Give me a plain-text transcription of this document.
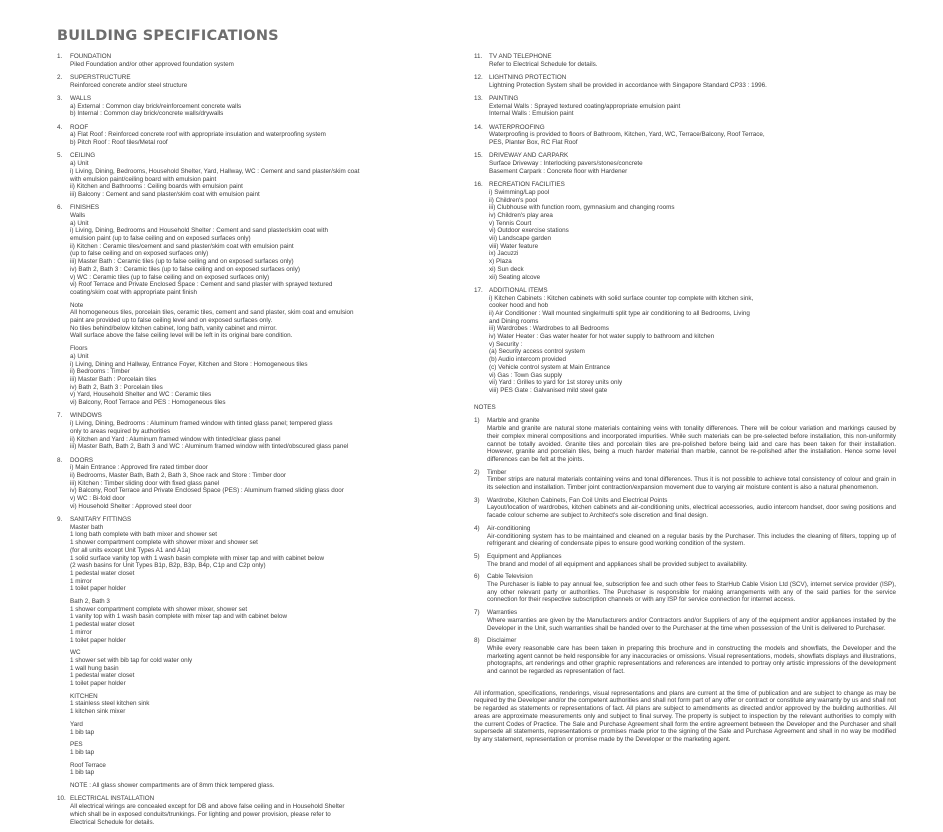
BUILDING SPECIFICATIONS
1. FOUNDATION
Piled Foundation and/or other approved foundation system
2. SUPERSTRUCTURE
Reinforced concrete and/or steel structure
3. WALLS
a) External : Common clay brick/reinforcement concrete walls
b) Internal : Common clay brick/concrete walls/drywalls
4. ROOF
a) Flat Roof : Reinforced concrete roof with appropriate insulation and waterproofing system
b) Pitch Roof : Roof tiles/Metal roof
5. CEILING
a) Unit
i) Living, Dining, Bedrooms, Household Shelter, Yard, Hallway, WC : Cement and sand plaster/skim coat
with emulsion paint/ceiling board with emulsion paint
ii) Kitchen and Bathrooms : Ceiling boards with emulsion paint
iii) Balcony : Cement and sand plaster/skim coat with emulsion paint
6. FINISHES
Walls
a) Unit
i) Living, Dining, Bedrooms and Household Shelter : Cement and sand plaster/skim coat with
emulsion paint (up to false ceiling and on exposed surfaces only)
ii) Kitchen : Ceramic tiles/cement and sand plaster/skim coat with emulsion paint
(up to false ceiling and on exposed surfaces only)
iii) Master Bath : Ceramic tiles (up to false ceiling and on exposed surfaces only)
iv) Bath 2, Bath 3 : Ceramic tiles (up to false ceiling and on exposed surfaces only)
v) WC : Ceramic tiles (up to false ceiling and on exposed surfaces only)
vi) Roof Terrace and Private Enclosed Space : Cement and sand plaster with sprayed textured
coating/skim coat with appropriate paint finish
Note
All homogeneous tiles, porcelain tiles, ceramic tiles, cement and sand plaster, skim coat and emulsion
paint are provided up to false ceiling level and on exposed surfaces only.
No tiles behind/below kitchen cabinet, long bath, vanity cabinet and mirror.
Wall surface above the false ceiling level will be left in its original bare condition.
Floors
a) Unit
i) Living, Dining and Hallway, Entrance Foyer, Kitchen and Store : Homogeneous tiles
ii) Bedrooms : Timber
iii) Master Bath : Porcelain tiles
iv) Bath 2, Bath 3 : Porcelain tiles
v) Yard, Household Shelter and WC : Ceramic tiles
vi) Balcony, Roof Terrace and PES : Homogeneous tiles
7. WINDOWS
i) Living, Dining, Bedrooms : Aluminum framed window with tinted glass panel; tempered glass
only to areas required by authorities
ii) Kitchen and Yard : Aluminum framed window with tinted/clear glass panel
iii) Master Bath, Bath 2, Bath 3 and WC : Aluminum framed window with tinted/obscured glass panel
8. DOORS
i) Main Entrance : Approved fire rated timber door
ii) Bedrooms, Master Bath, Bath 2, Bath 3, Shoe rack and Store : Timber door
iii) Kitchen : Timber sliding door with fixed glass panel
iv) Balcony, Roof Terrace and Private Enclosed Space (PES) : Aluminum framed sliding glass door
v) WC : Bi-fold door
vi) Household Shelter : Approved steel door
9. SANITARY FITTINGS
Master bath
1 long bath complete with bath mixer and shower set
1 shower compartment complete with shower mixer and shower set
(for all units except Unit Types A1 and A1a)
1 solid surface vanity top with 1 wash basin complete with mixer tap and with cabinet below
(2 wash basins for Unit Types B1p, B2p, B3p, B4p, C1p and C2p only)
1 pedestal water closet
1 mirror
1 toilet paper holder
Bath 2, Bath 3
1 shower compartment complete with shower mixer, shower set
1 vanity top with 1 wash basin complete with mixer tap and with cabinet below
1 pedestal water closet
1 mirror
1 toilet paper holder
WC
1 shower set with bib tap for cold water only
1 wall hung basin
1 pedestal water closet
1 toilet paper holder
KITCHEN
1 stainless steel kitchen sink
1 kitchen sink mixer
Yard
1 bib tap
PES
1 bib tap
Roof Terrace
1 bib tap
NOTE : All glass shower compartments are of 8mm thick tempered glass.
10. ELECTRICAL INSTALLATION
All electrical wirings are concealed except for DB and above false ceiling and in Household Shelter
which shall be in exposed conduits/trunkings. For lighting and power provision, please refer to
Electrical Schedule for details.
11. TV AND TELEPHONE
Refer to Electrical Schedule for details.
12. LIGHTNING PROTECTION
Lightning Protection System shall be provided in accordance with Singapore Standard CP33 : 1996.
13. PAINTING
External Walls : Sprayed textured coating/appropriate emulsion paint
Internal Walls : Emulsion paint
14. WATERPROOFING
Waterproofing is provided to floors of Bathroom, Kitchen, Yard, WC, Terrace/Balcony, Roof Terrace,
PES, Planter Box, RC Flat Roof
15. DRIVEWAY AND CARPARK
Surface Driveway : Interlocking pavers/stones/concrete
Basement Carpark : Concrete floor with Hardener
16. RECREATION FACILITIES
i) Swimming/Lap pool
ii) Children's pool
iii) Clubhouse with function room, gymnasium and changing rooms
iv) Children's play area
v) Tennis Court
vi) Outdoor exercise stations
vii) Landscape garden
viii) Water feature
ix) Jacuzzi
x) Plaza
xi) Sun deck
xii) Seating alcove
17. ADDITIONAL ITEMS
i) Kitchen Cabinets : Kitchen cabinets with solid surface counter top complete with kitchen sink,
cooker hood and hob
ii) Air Conditioner : Wall mounted single/multi split type air conditioning to all Bedrooms, Living
and Dining rooms
iii) Wardrobes : Wardrobes to all Bedrooms
iv) Water Heater : Gas water heater for hot water supply to bathroom and kitchen
v) Security :
(a) Security access control system
(b) Audio intercom provided
(c) Vehicle control system at Main Entrance
vi) Gas : Town Gas supply
vii) Yard : Grilles to yard for 1st storey units only
viii) PES Gate : Galvanised mild steel gate
NOTES
1) Marble and granite
Marble and granite are natural stone materials containing veins with tonality differences. There will be colour variation and markings caused by their complex mineral compositions and incorporated impurities. While such materials can be pre-selected before installation, this non-uniformity cannot be totally avoided. Granite tiles and porcelain tiles are pre-polished before being laid and care has been taken for their installation. However, granite and porcelain tiles, being a much harder material than marble, cannot be re-polished after the installation. Hence some level differences can be felt at the joints.
2) Timber
Timber strips are natural materials containing veins and tonal differences. Thus it is not possible to achieve total consistency of colour and grain in its selection and installation. Timber joint contraction/expansion movement due to varying air moisture content is also a natural phenomenon.
3) Wardrobe, Kitchen Cabinets, Fan Coil Units and Electrical Points
Layout/location of wardrobes, kitchen cabinets and air-conditioning units, electrical accessories, audio intercom handset, door swing positions and facade colour scheme are subject to Architect's sole discretion and final design.
4) Air-conditioning
Air-conditioning system has to be maintained and cleaned on a regular basis by the Purchaser. This includes the cleaning of filters, topping up of refrigerant and clearing of condensate pipes to ensure good working condition of the system.
5) Equipment and Appliances
The brand and model of all equipment and appliances shall be provided subject to availability.
6) Cable Television
The Purchaser is liable to pay annual fee, subscription fee and such other fees to StarHub Cable Vision Ltd (SCV), internet service provider (ISP), any other relevant party or authorities. The Purchaser is responsible for making arrangements with any of the said parties for the service connection for their respective subscription channels or with any ISP for service connection for internet access.
7) Warranties
Where warranties are given by the Manufacturers and/or Contractors and/or Suppliers of any of the equipment and/or appliances installed by the Developer in the Unit, such warranties shall be handed over to the Purchaser at the time when possession of the Unit is delivered to Purchaser.
8) Disclaimer
While every reasonable care has been taken in preparing this brochure and in constructing the models and showflats, the Developer and the marketing agent cannot be held responsible for any inaccuracies or omissions. Visual representations, models, showflats displays and illustrations, photographs, art renderings and other graphic representations and references are intended to portray only artistic impressions of the development and cannot be regarded as representation of fact.
All information, specifications, renderings, visual representations and plans are current at the time of publication and are subject to change as may be required by the Developer and/or the competent authorities and shall not form part of any offer or contract or constitute any warranty by us and shall not be regarded as statements or representations of fact. All plans are subject to amendments as directed and/or approved by the building authorities. All areas are approximate measurements only and subject to final survey. The property is subject to inspection by the relevant authorities to comply with the current Codes of Practice. The Sale and Purchase Agreement shall form the entire agreement between the Developer and the Purchaser and shall supersede all statements, representations or promises made prior to the signing of the Sale and Purchase Agreement and shall in no way be modified by any statement, representation or promise made by the Developer or the marketing agent.
